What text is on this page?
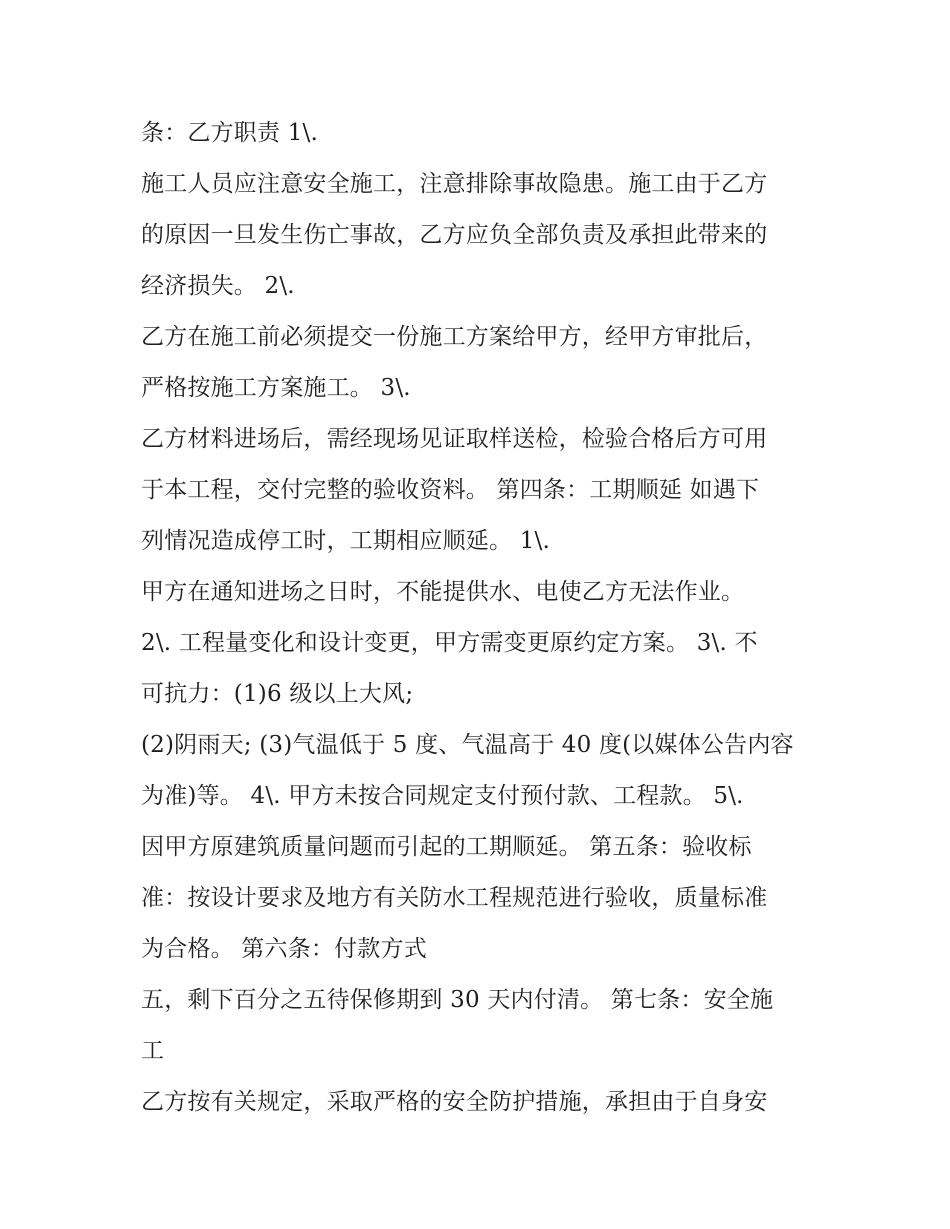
条：乙方职责 1\.
施工人员应注意安全施工，注意排除事故隐患。施工由于乙方
的原因一旦发生伤亡事故，乙方应负全部负责及承担此带来的
经济损失。 2\.
乙方在施工前必须提交一份施工方案给甲方，经甲方审批后，
严格按施工方案施工。 3\.
乙方材料进场后，需经现场见证取样送检，检验合格后方可用
于本工程，交付完整的验收资料。 第四条：工期顺延 如遇下
列情况造成停工时，工期相应顺延。 1\.
甲方在通知进场之日时，不能提供水、电使乙方无法作业。
2\. 工程量变化和设计变更，甲方需变更原约定方案。 3\. 不
可抗力：(1)6 级以上大风;
(2)阴雨天; (3)气温低于 5 度、气温高于 40 度(以媒体公告内容
为准)等。 4\. 甲方未按合同规定支付预付款、工程款。 5\.
因甲方原建筑质量问题而引起的工期顺延。 第五条：验收标
准：按设计要求及地方有关防水工程规范进行验收，质量标准
为合格。 第六条：付款方式
五，剩下百分之五待保修期到 30 天内付清。 第七条：安全施
工
乙方按有关规定，采取严格的安全防护措施，承担由于自身安
